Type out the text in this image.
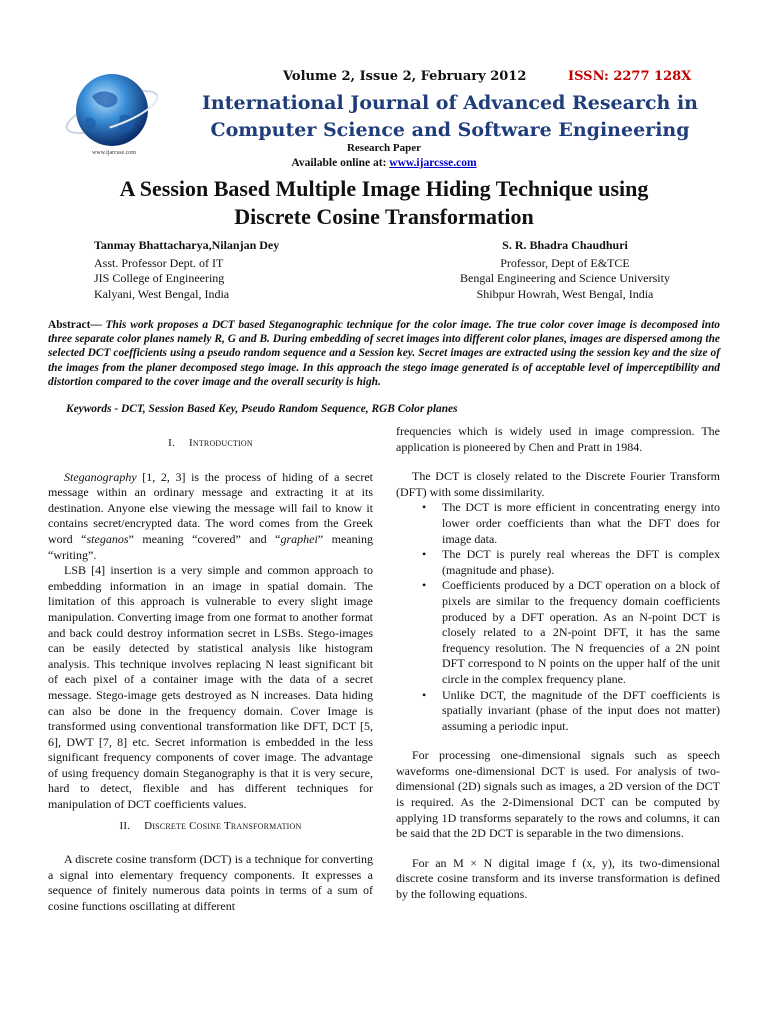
www.ijarcsse.com
Volume 2, Issue 2, February 2012	ISSN: 2277 128X
International Journal of Advanced Research in
Computer Science and Software Engineering
Research Paper
Available online at: www.ijarcsse.com
A Session Based Multiple Image Hiding Technique using
Discrete Cosine Transformation
Tanmay Bhattacharya,Nilanjan Dey
Asst. Professor Dept. of IT
JIS College of Engineering
Kalyani, West Bengal, India
S. R. Bhadra Chaudhuri
Professor, Dept of E&TCE
Bengal Engineering and Science University
Shibpur Howrah, West Bengal, India
Abstract— This work proposes a DCT based Steganographic technique for the color image. The true color cover image is decomposed into three separate color planes namely R, G and B. During embedding of secret images into different color planes, images are dispersed among the selected DCT coefficients using a pseudo random sequence and a Session key. Secret images are extracted using the session key and the size of the images from the planer decomposed stego image. In this approach the stego image generated is of acceptable level of imperceptibility and distortion compared to the cover image and the overall security is high.
Keywords - DCT, Session Based Key, Pseudo Random Sequence, RGB Color planes
I. Introduction

Steganography [1, 2, 3] is the process of hiding of a secret message within an ordinary message and extracting it at its destination. Anyone else viewing the message will fail to know it contains secret/encrypted data. The word comes from the Greek word “steganos” meaning “covered” and “graphei” meaning “writing”.

LSB [4] insertion is a very simple and common approach to embedding information in an image in spatial domain. The limitation of this approach is vulnerable to every slight image manipulation. Converting image from one format to another format and back could destroy information secret in LSBs. Stego-images can be easily detected by statistical analysis like histogram analysis. This technique involves replacing N least significant bit of each pixel of a container image with the data of a secret message. Stego-image gets destroyed as N increases. Data hiding can also be done in the frequency domain. Cover Image is transformed using conventional transformation like DFT, DCT [5, 6], DWT [7, 8] etc. Secret information is embedded in the less significant frequency components of cover image. The advantage of using frequency domain Steganography is that it is very secure, hard to detect, flexible and has different techniques for manipulation of DCT coefficients values.

II. Discrete Cosine Transformation

A discrete cosine transform (DCT) is a technique for converting a signal into elementary frequency components. It expresses a sequence of finitely numerous data points in terms of a sum of cosine functions oscillating at different

frequencies which is widely used in image compression. The application is pioneered by Chen and Pratt in 1984.

The DCT is closely related to the Discrete Fourier Transform (DFT) with some dissimilarity.

• The DCT is more efficient in concentrating energy into lower order coefficients than what the DFT does for image data.
• The DCT is purely real whereas the DFT is complex (magnitude and phase).
• Coefficients produced by a DCT operation on a block of pixels are similar to the frequency domain coefficients produced by a DFT operation. As an N-point DCT is closely related to a 2N-point DFT, it has the same frequency resolution. The N frequencies of a 2N point DFT correspond to N points on the upper half of the unit circle in the complex frequency plane.
• Unlike DCT, the magnitude of the DFT coefficients is spatially invariant (phase of the input does not matter) assuming a periodic input.

For processing one-dimensional signals such as speech waveforms one-dimensional DCT is used. For analysis of two-dimensional (2D) signals such as images, a 2D version of the DCT is required. As the 2-Dimensional DCT can be computed by applying 1D transforms separately to the rows and columns, it can be said that the 2D DCT is separable in the two dimensions.

For an M × N digital image f (x, y), its two-dimensional discrete cosine transform and its inverse transformation is defined by the following equations.
